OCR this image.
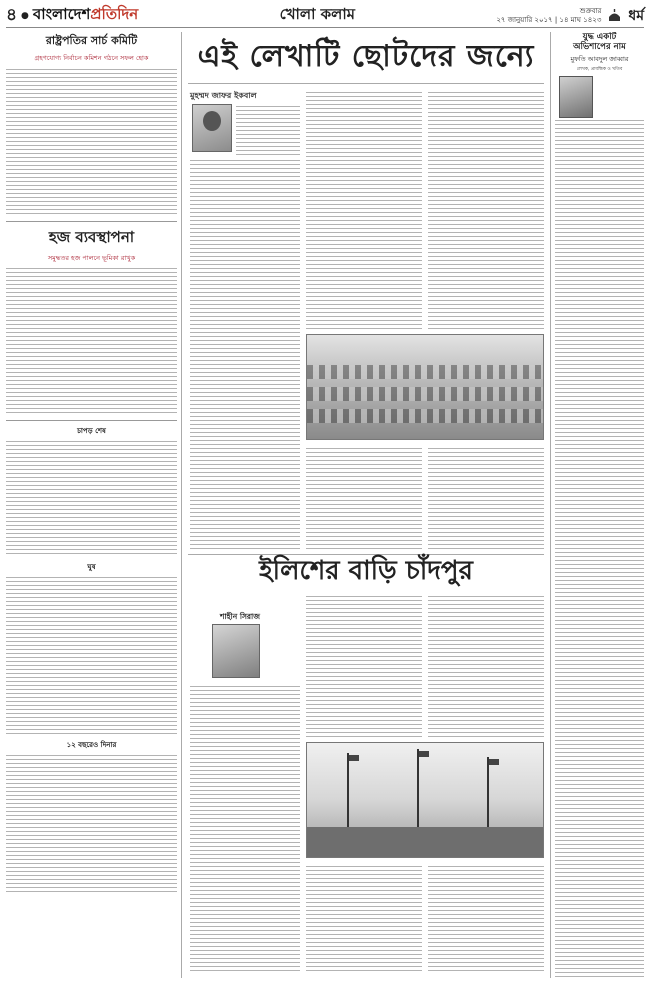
৪ ● বাংলাদেশপ্রতিদিন	খোলা কলাম	শুক্রবার
২৭ জানুয়ারি ২০১৭ | ১৪ মাঘ ১৪২৩ ধর্ম
রাষ্ট্রপতির সার্চ কমিটি
গ্রহণযোগ্য নির্বাচন কমিশন গঠনে সফল হোক
হজ ব্যবস্থাপনা
সমুদ্ধতর হজ পালনে ভূমিকা রাখুক
চাপড় শেষ
ঘুষ
১২ বছরেও দিনার
এই লেখাটি ছোটদের জন্যে
মুহম্মদ জাফর ইকবাল
যুদ্ধ একটি
অভিশাপের নাম
মুফতি আবদুল জাব্বার
লেখক, প্রাবন্ধিক ও খতিব
ইলিশের বাড়ি চাঁদপুর
শাহীন সিরাজ
